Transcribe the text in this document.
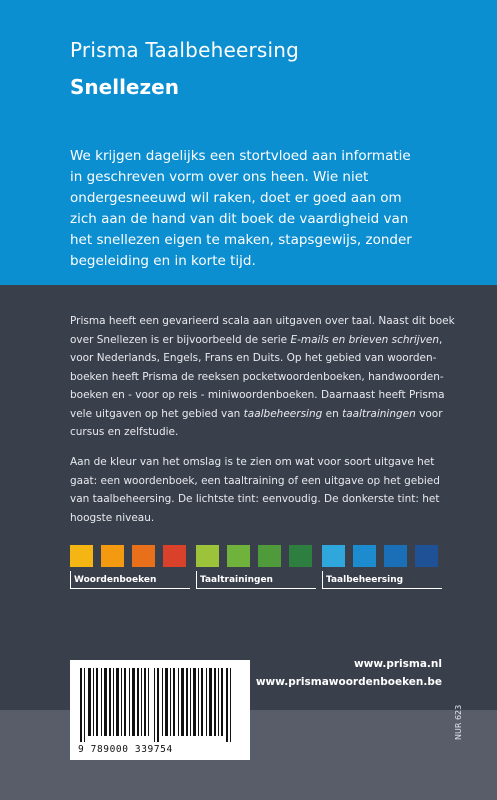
Prisma Taalbeheersing
Snellezen
We krijgen dagelijks een stortvloed aan informatie
in geschreven vorm over ons heen. Wie niet
ondergesneeuwd wil raken, doet er goed aan om
zich aan de hand van dit boek de vaardigheid van
het snellezen eigen te maken, stapsgewijs, zonder
begeleiding en in korte tijd.
Prisma heeft een gevarieerd scala aan uitgaven over taal. Naast dit boek
over Snellezen is er bijvoorbeeld de serie E-mails en brieven schrijven,
voor Nederlands, Engels, Frans en Duits. Op het gebied van woorden-
boeken heeft Prisma de reeksen pocketwoordenboeken, handwoorden-
boeken en - voor op reis - miniwoordenboeken. Daarnaast heeft Prisma
vele uitgaven op het gebied van taalbeheersing en taaltrainingen voor
cursus en zelfstudie.
Aan de kleur van het omslag is te zien om wat voor soort uitgave het
gaat: een woordenboek, een taaltraining of een uitgave op het gebied
van taalbeheersing. De lichtste tint: eenvoudig. De donkerste tint: het
hoogste niveau.
Woordenboeken	Taaltrainingen	Taalbeheersing
www.prisma.nl
www.prismawoordenboeken.be
9 789000 339754
NUR 623
